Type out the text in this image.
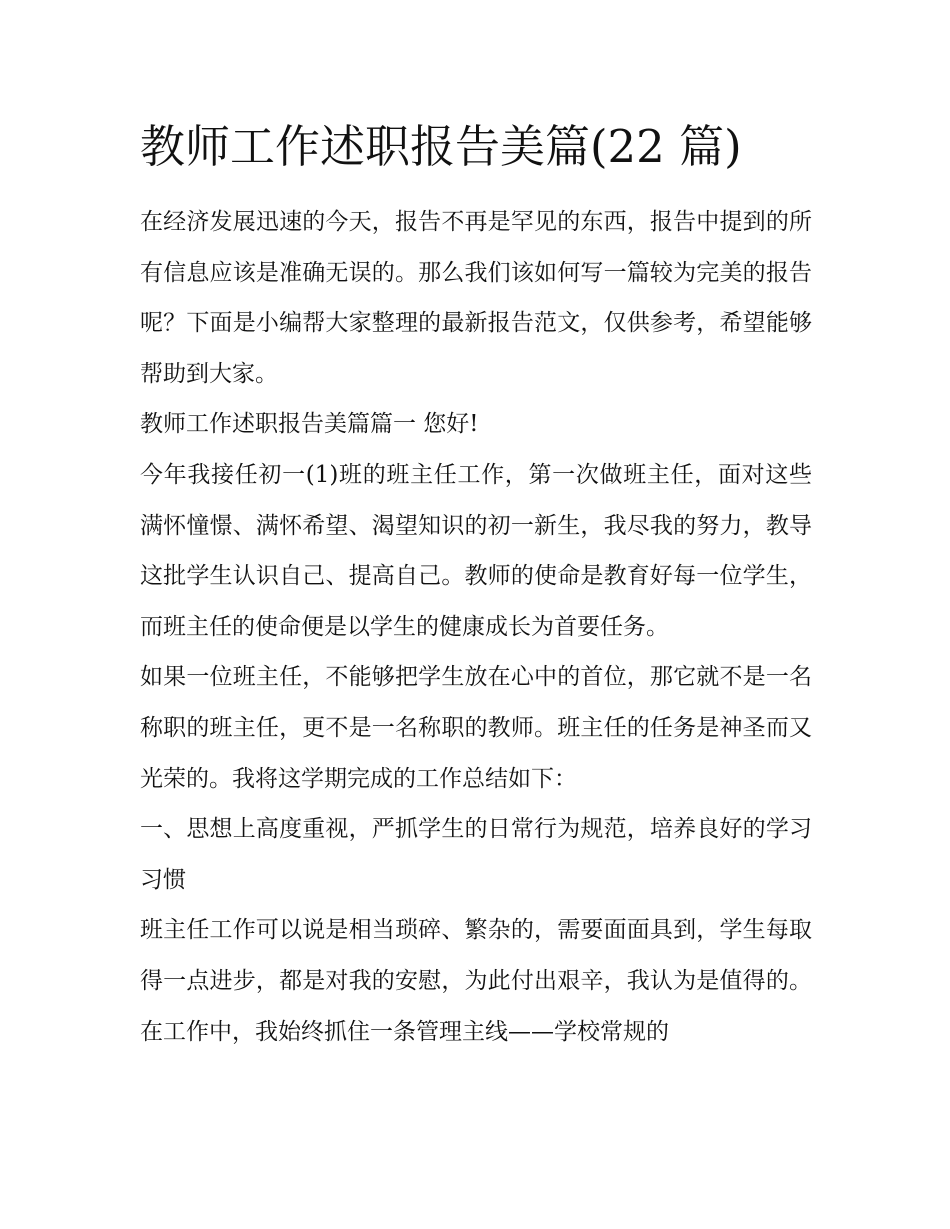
教师工作述职报告美篇(22 篇)

在经济发展迅速的今天，报告不再是罕见的东西，报告中提到的所有信息应该是准确无误的。那么我们该如何写一篇较为完美的报告呢？下面是小编帮大家整理的最新报告范文，仅供参考，希望能够帮助到大家。

教师工作述职报告美篇篇一 您好!

今年我接任初一(1)班的班主任工作，第一次做班主任，面对这些满怀憧憬、满怀希望、渴望知识的初一新生，我尽我的努力，教导这批学生认识自己、提高自己。教师的使命是教育好每一位学生，而班主任的使命便是以学生的健康成长为首要任务。

如果一位班主任，不能够把学生放在心中的首位，那它就不是一名称职的班主任，更不是一名称职的教师。班主任的任务是神圣而又光荣的。我将这学期完成的工作总结如下：

一、思想上高度重视，严抓学生的日常行为规范，培养良好的学习习惯

班主任工作可以说是相当琐碎、繁杂的，需要面面具到，学生每取得一点进步，都是对我的安慰，为此付出艰辛，我认为是值得的。在工作中，我始终抓住一条管理主线——学校常规的
